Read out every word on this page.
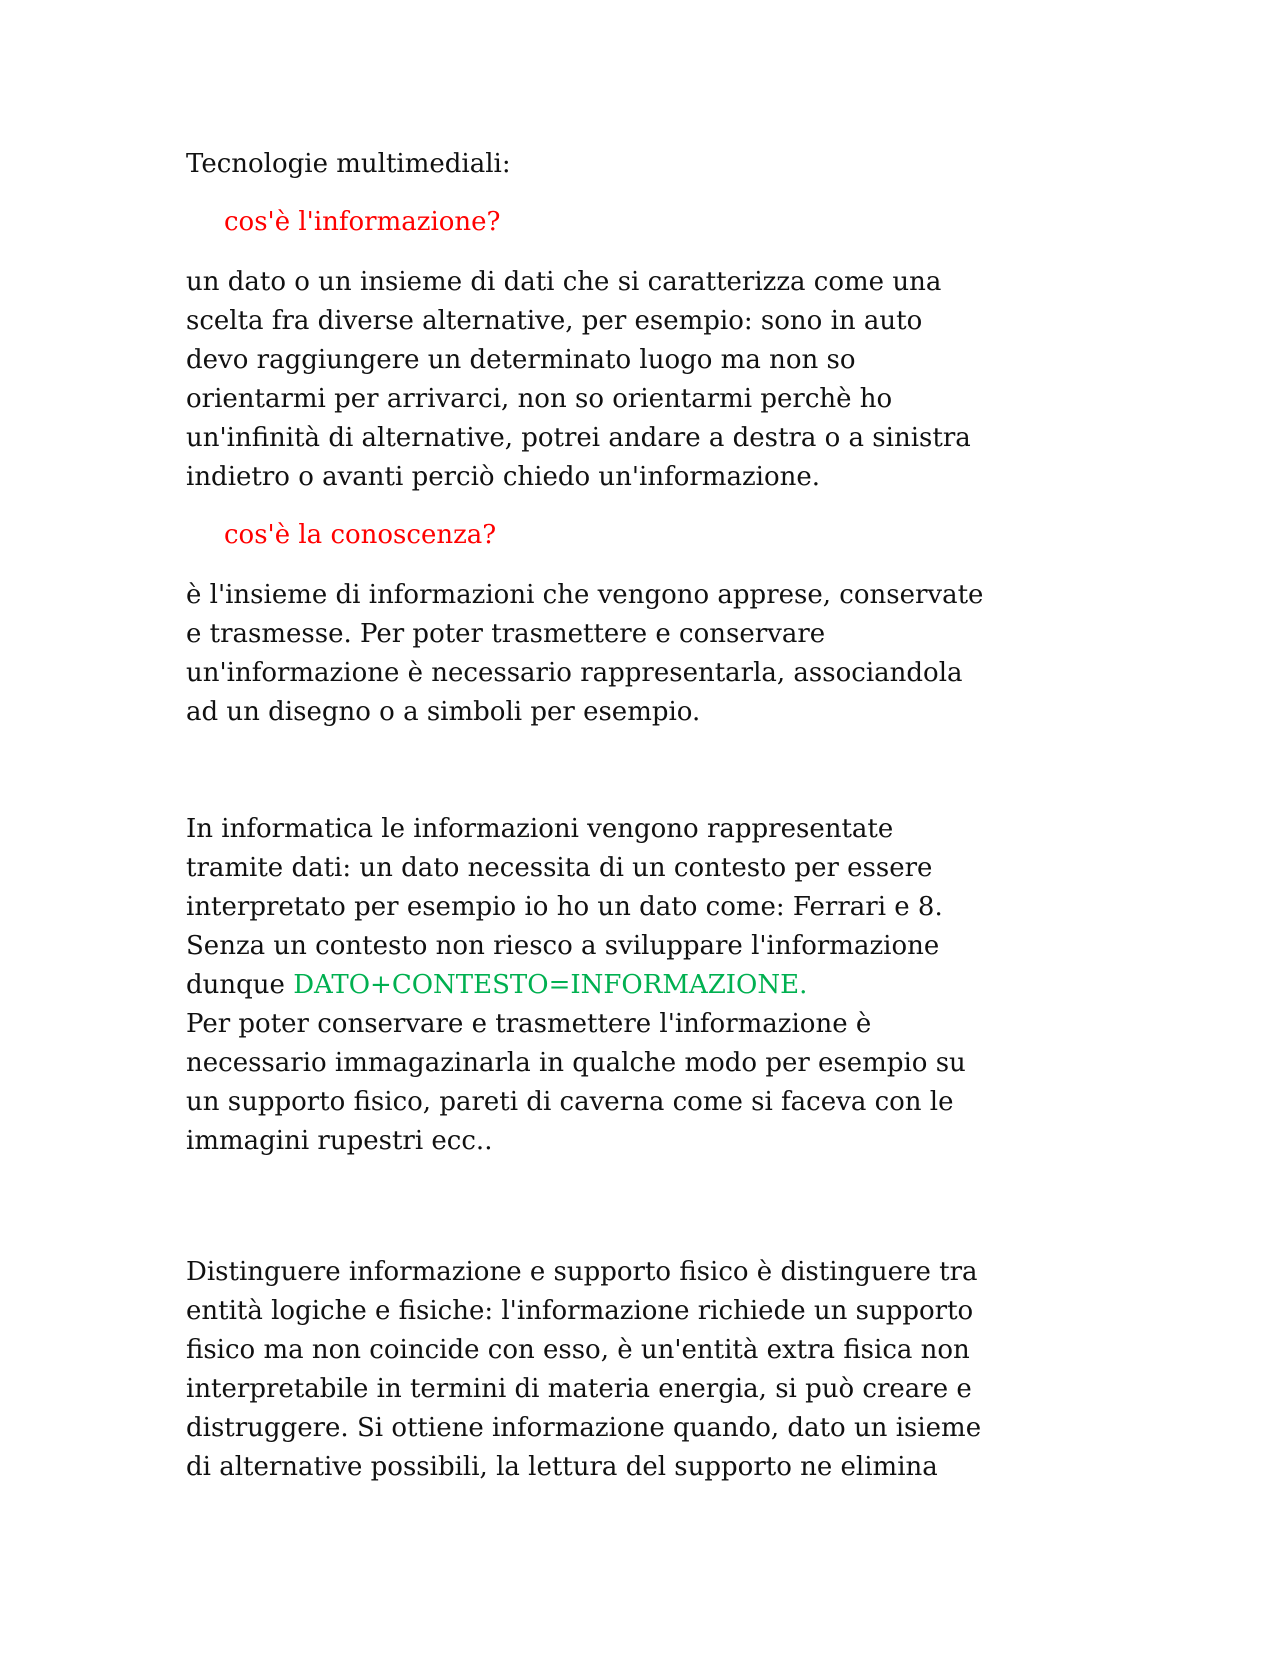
Tecnologie multimediali:

cos'è l'informazione?

un dato o un insieme di dati che si caratterizza come una
scelta fra diverse alternative, per esempio: sono in auto
devo raggiungere un determinato luogo ma non so
orientarmi per arrivarci, non so orientarmi perchè ho
un'infinità di alternative, potrei andare a destra o a sinistra
indietro o avanti perciò chiedo un'informazione.

cos'è la conoscenza?

è l'insieme di informazioni che vengono apprese, conservate
e trasmesse. Per poter trasmettere e conservare
un'informazione è necessario rappresentarla, associandola
ad un disegno o a simboli per esempio.
In informatica le informazioni vengono rappresentate
tramite dati: un dato necessita di un contesto per essere
interpretato per esempio io ho un dato come: Ferrari e 8.
Senza un contesto non riesco a sviluppare l'informazione
dunque DATO+CONTESTO=INFORMAZIONE.
Per poter conservare e trasmettere l'informazione è
necessario immagazinarla in qualche modo per esempio su
un supporto fisico, pareti di caverna come si faceva con le
immagini rupestri ecc..
Distinguere informazione e supporto fisico è distinguere tra
entità logiche e fisiche: l'informazione richiede un supporto
fisico ma non coincide con esso, è un'entità extra fisica non
interpretabile in termini di materia energia, si può creare e
distruggere. Si ottiene informazione quando, dato un isieme
di alternative possibili, la lettura del supporto ne elimina
